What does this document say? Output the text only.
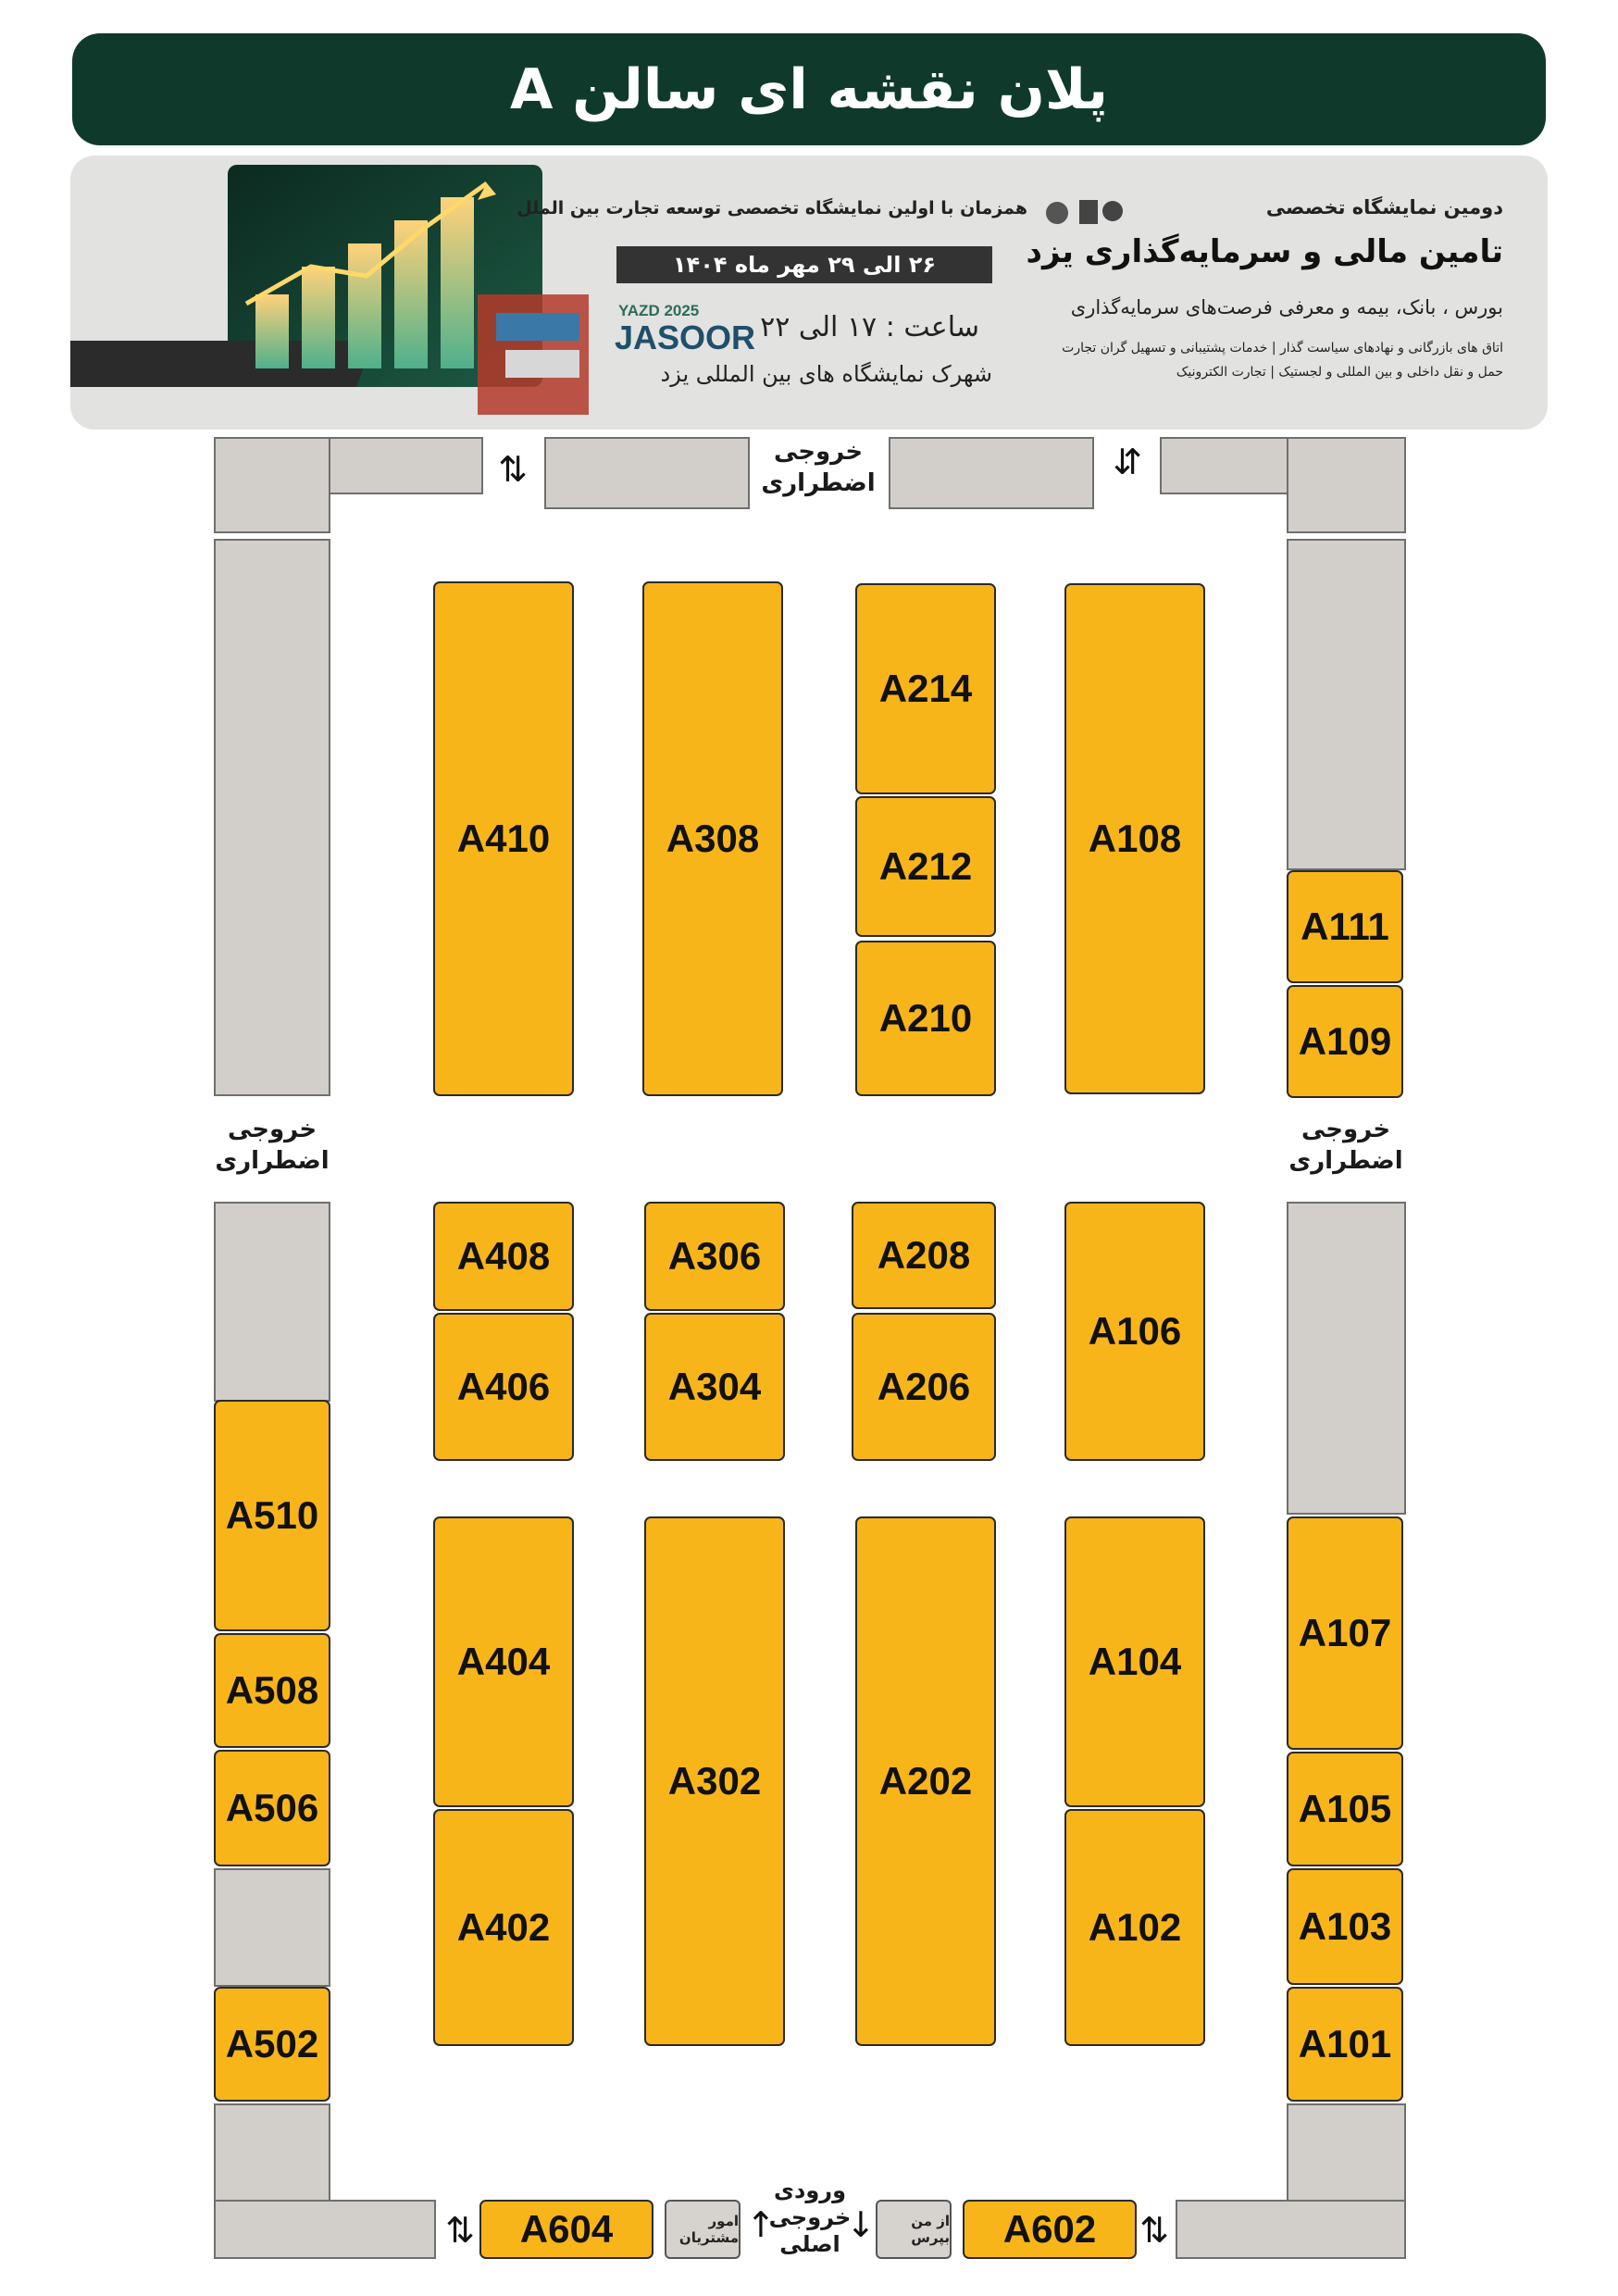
پلان نقشه ای سالن A
YAZD 2025
JASOOR
همزمان با اولین نمایشگاه تخصصی توسعه تجارت بین الملل
۲۶ الی ۲۹ مهر ماه ۱۴۰۴
ساعت : ۱۷ الی ۲۲
شهرک نمایشگاه های بین المللی یزد
دومین نمایشگاه تخصصی
تامین مالی و سرمایه‌گذاری یزد
بورس ، بانک، بیمه و معرفی فرصت‌های سرمایه‌گذاری
اتاق های بازرگانی و نهادهای سیاست گذار | خدمات پشتیبانی و تسهیل گران تجارت
حمل و نقل داخلی و بین المللی و لجستیک | تجارت الکترونیک
⇅	⇵
⇅	⇅
↑ ↓
خروجی
اضطراری
خروجی
اضطراری
خروجی
اضطراری
ورودی
خروجی
اصلی
امور مشتریان
از من بپرس
A410	A308
A214
A212
A210
A108
A111
A109
A408
A406
A306
A304
A208
A206
A106
A404
A402
A302	A202
A104
A102
A510
A508
A506
A502
A107
A105
A103
A101
A604	A602
